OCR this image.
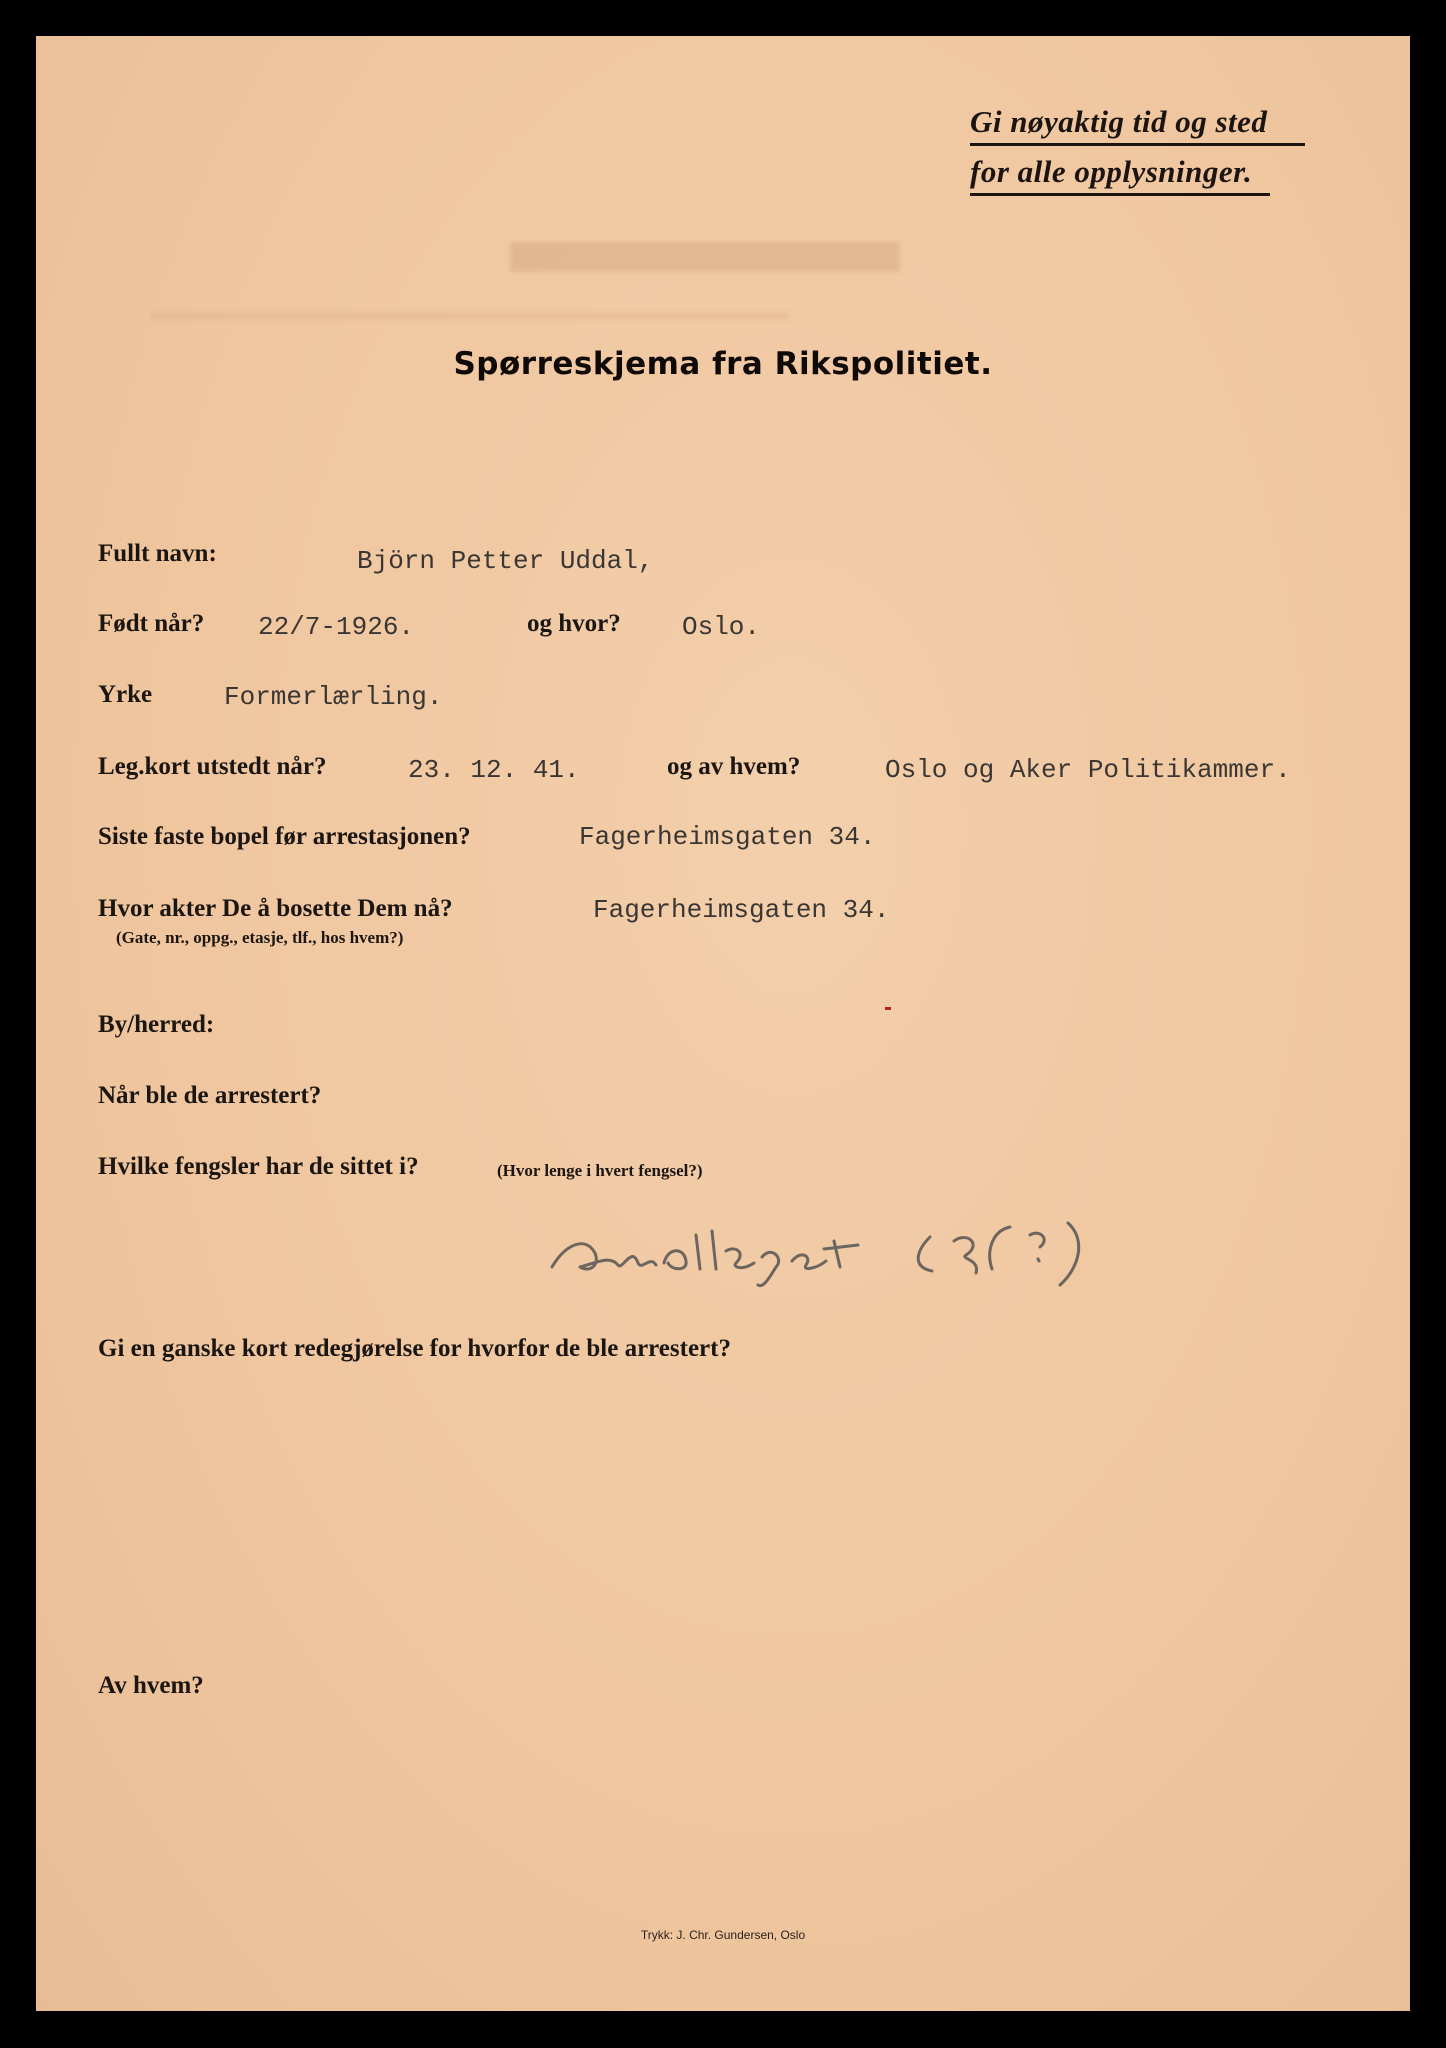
Gi nøyaktig tid og sted
for alle opplysninger.
Spørreskjema fra Rikspolitiet.
Fullt navn:	Björn Petter Uddal,
Født når? 22/7-1926.	og hvor? Oslo.
Yrke	Formerlærling.
Leg.kort utstedt når?	23. 12. 41.	og av hvem?	Oslo og Aker Politikammer.
Siste faste bopel før arrestasjonen?	Fagerheimsgaten 34.
Hvor akter De å bosette Dem nå?	Fagerheimsgaten 34.
(Gate, nr., oppg., etasje, tlf., hos hvem?)
By/herred:
Når ble de arrestert?
Hvilke fengsler har de sittet i?	(Hvor lenge i hvert fengsel?)
Gi en ganske kort redegjørelse for hvorfor de ble arrestert?
Av hvem?
Trykk: J. Chr. Gundersen, Oslo
